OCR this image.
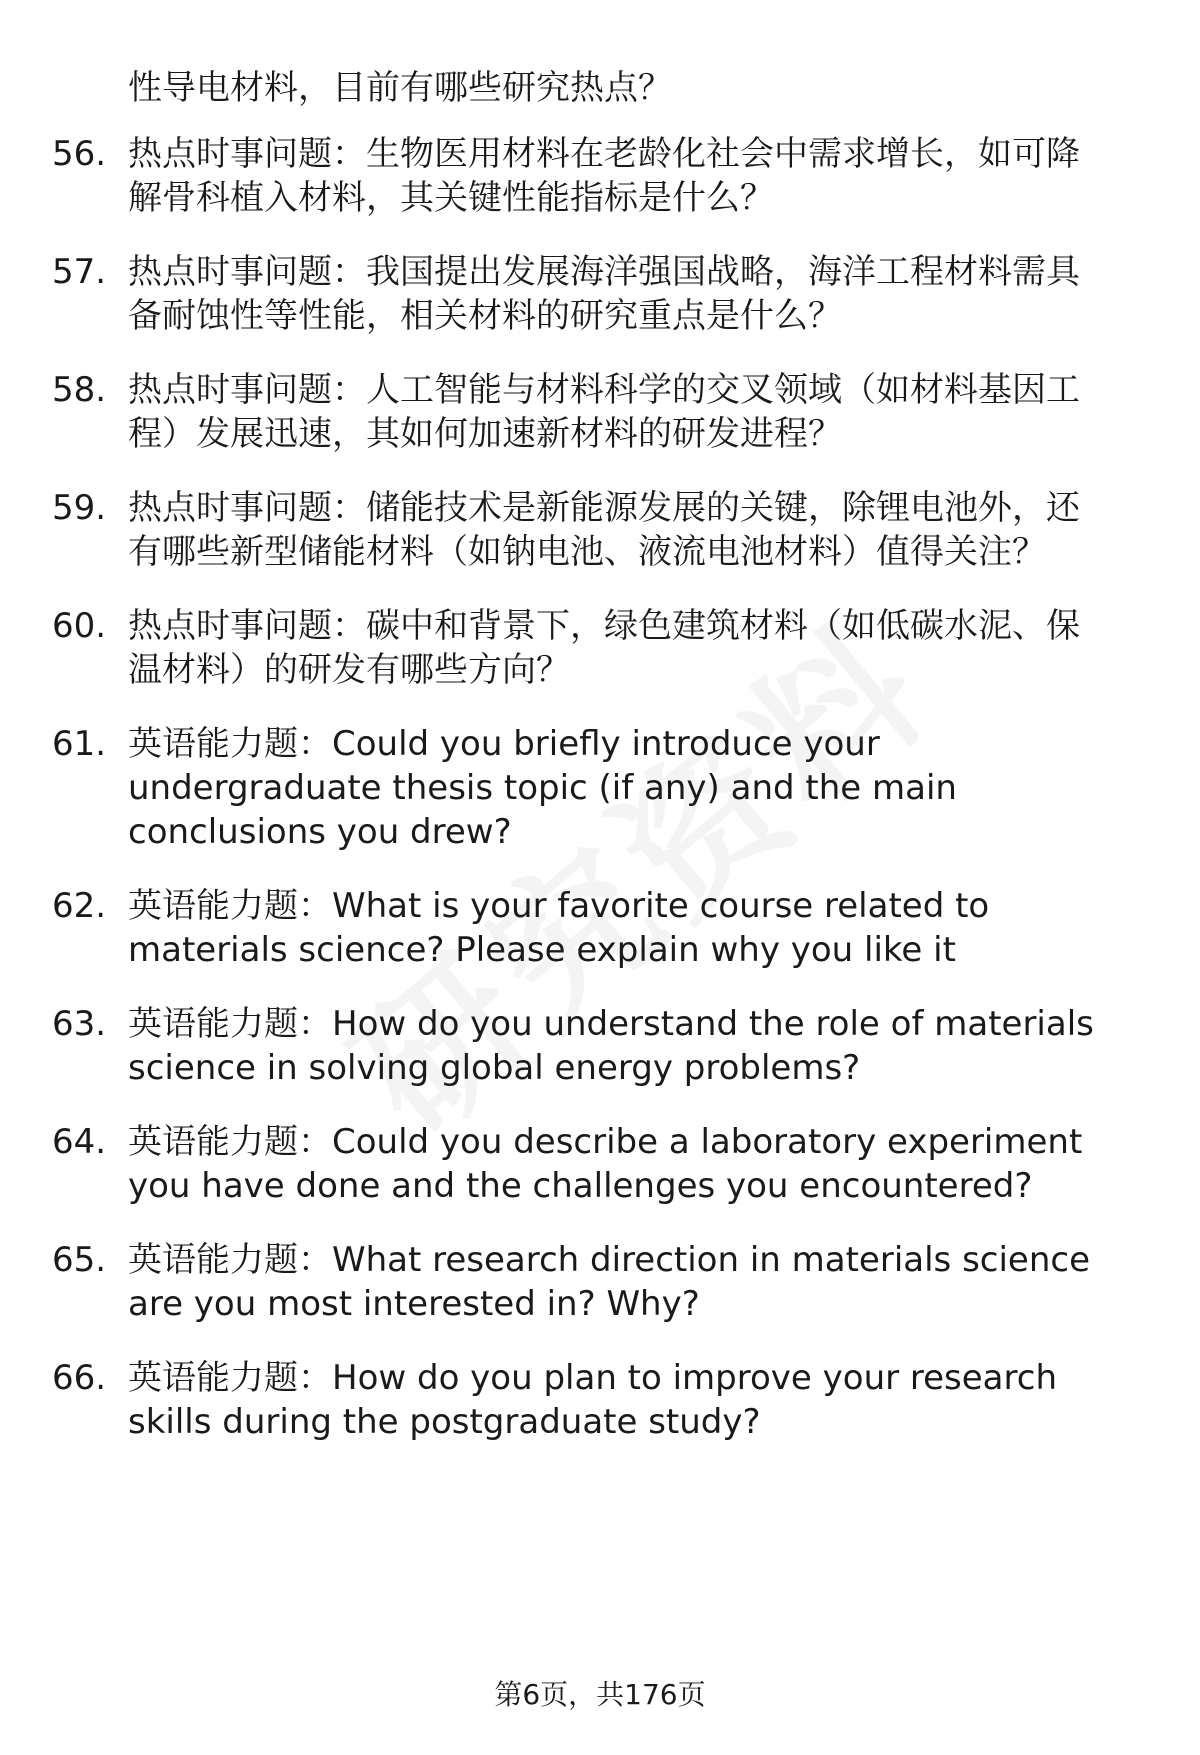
性导电材料，目前有哪些研究热点？
56. 热点时事问题：生物医用材料在老龄化社会中需求增长，如可降
解骨科植入材料，其关键性能指标是什么？
57. 热点时事问题：我国提出发展海洋强国战略，海洋工程材料需具
备耐蚀性等性能，相关材料的研究重点是什么？
58. 热点时事问题：人工智能与材料科学的交叉领域（如材料基因工
程）发展迅速，其如何加速新材料的研发进程？
59. 热点时事问题：储能技术是新能源发展的关键，除锂电池外，还
有哪些新型储能材料（如钠电池、液流电池材料）值得关注？
60. 热点时事问题：碳中和背景下，绿色建筑材料（如低碳水泥、保
温材料）的研发有哪些方向？
61. 英语能力题：Could you briefly introduce your
undergraduate thesis topic (if any) and the main
conclusions you drew?
62. 英语能力题：What is your favorite course related to
materials science? Please explain why you like it
63. 英语能力题：How do you understand the role of materials
science in solving global energy problems?
64. 英语能力题：Could you describe a laboratory experiment
you have done and the challenges you encountered?
65. 英语能力题：What research direction in materials science
are you most interested in? Why?
66. 英语能力题：How do you plan to improve your research
skills during the postgraduate study?
第6页，共176页
